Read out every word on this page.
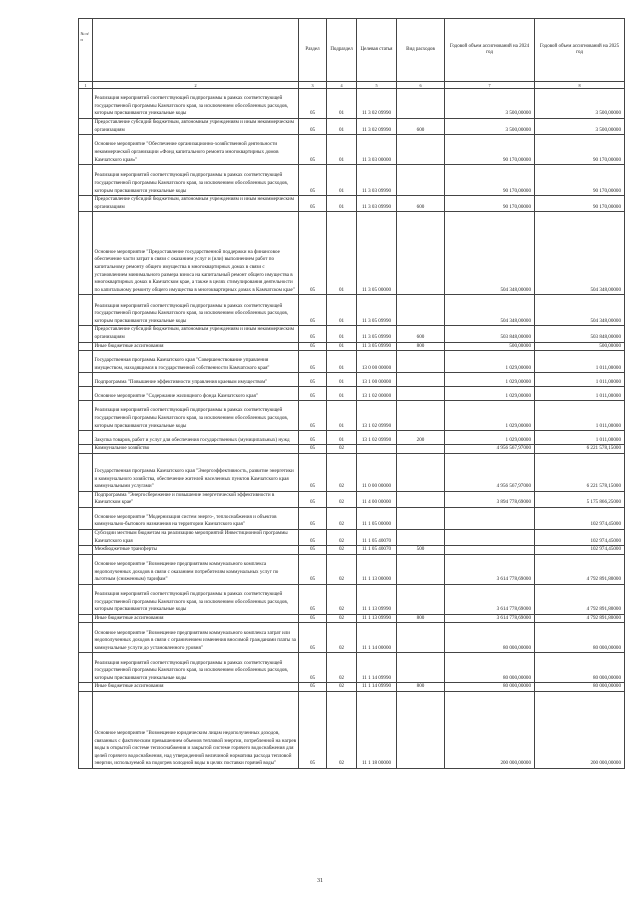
№ п/п		Раздел	Подраздел	Целевая статья	Вид расходов	Годовой объем ассигнований на 2024 год	Годовой объем ассигнований на 2025 год
1	2	3	4	5	6	7	8
	Реализация мероприятий соответствующей подпрограммы в рамках соответствующей государственной программы Камчатского края, за исключением обособленных расходов, которым присваиваются уникальные коды	05	01	11 3 02 09990		3 500,00000	3 500,00000
	Предоставление субсидий бюджетным, автономным учреждениям и иным некоммерческим организациям	05	01	11 3 02 09990	600	3 500,00000	3 500,00000
	Основное мероприятие "Обеспечение организационно-хозяйственной деятельности некоммерческой организации «Фонд капитального ремонта многоквартирных домов Камчатского края»"	05	01	11 3 03 00000		90 170,00000	90 170,00000
	Реализация мероприятий соответствующей подпрограммы в рамках соответствующей государственной программы Камчатского края, за исключением обособленных расходов, которым присваиваются уникальные коды	05	01	11 3 03 09990		90 170,00000	90 170,00000
	Предоставление субсидий бюджетным, автономным учреждениям и иным некоммерческим организациям	05	01	11 3 03 09990	600	90 170,00000	90 170,00000
	Основное мероприятие "Предоставление государственной поддержки на финансовое обеспечение части затрат в связи с оказанием услуг и (или) выполнением работ по капитальному ремонту общего имущества в многоквартирных домах в связи с установлением минимального размера взноса на капитальный ремонт общего имущества в многоквартирных домах в Камчатском крае, а также в целях стимулирования деятельности по капитальному ремонту общего имущества в многоквартирных домах в Камчатском крае"	05	01	11 3 05 00000		504 348,00000	504 348,00000
	Реализация мероприятий соответствующей подпрограммы в рамках соответствующей государственной программы Камчатского края, за исключением обособленных расходов, которым присваиваются уникальные коды	05	01	11 3 05 09990		504 348,00000	504 348,00000
	Предоставление субсидий бюджетным, автономным учреждениям и иным некоммерческим организациям	05	01	11 3 05 09990	600	503 848,00000	503 848,00000
	Иные бюджетные ассигнования	05	01	11 3 05 09990	800	500,00000	500,00000
	Государственная программа Камчатского края "Совершенствование управления имуществом, находящимся в государственной собственности Камчатского края"	05	01	13 0 00 00000		1 029,00000	1 011,00000
	Подпрограмма "Повышение эффективности управления краевым имуществом"	05	01	13 1 00 00000		1 029,00000	1 011,00000
	Основное мероприятие "Содержание жилищного фонда Камчатского края"	05	01	13 1 02 00000		1 029,00000	1 011,00000
	Реализация мероприятий соответствующей подпрограммы в рамках соответствующей государственной программы Камчатского края, за исключением обособленных расходов, которым присваиваются уникальные коды	05	01	13 1 02 09990		1 029,00000	1 011,00000
	Закупка товаров, работ и услуг для обеспечения государственных (муниципальных) нужд	05	01	13 1 02 09990	200	1 029,00000	1 011,00000
	Коммунальное хозяйство	05	02			4 956 567,97000	6 221 578,15000
	Государственная программа Камчатского края "Энергоэффективность, развитие энергетики и коммунального хозяйства, обеспечение жителей населенных пунктов Камчатского края коммунальными услугами"	05	02	11 0 00 00000		4 956 567,97000	6 221 578,15000
	Подпрограмма "Энергосбережение и повышение энергетической эффективности в Камчатском крае"	05	02	11 4 00 00000		3 894 778,69000	5 175 866,25000
	Основное мероприятие "Модернизация систем энерго-, теплоснабжения и объектов коммунально-бытового назначения на территории Камчатского края"	05	02	11 1 05 00000			102 974,45000
	Субсидии местным бюджетам на реализацию мероприятий Инвестиционной программы Камчатского края	05	02	11 1 05 40070			102 974,45000
	Межбюджетные трансферты	05	02	11 1 05 40070	500		102 974,45000
	Основное мероприятие "Возмещение предприятиям коммунального комплекса недополученных доходов в связи с оказанием потребителям коммунальных услуг по льготным (сниженным) тарифам"	05	02	11 1 13 00000		3 614 778,69000	4 792 891,80000
	Реализация мероприятий соответствующей подпрограммы в рамках соответствующей государственной программы Камчатского края, за исключением обособленных расходов, которым присваиваются уникальные коды	05	02	11 1 13 09990		3 614 778,69000	4 792 891,80000
	Иные бюджетные ассигнования	05	02	11 1 13 09990	800	3 614 778,69000	4 792 891,80000
	Основное мероприятие "Возмещение предприятиям коммунального комплекса затрат или недополученных доходов в связи с ограничением изменения вносимой гражданами платы за коммунальные услуги до установленного уровня"	05	02	11 1 14 00000		80 000,00000	80 000,00000
	Реализация мероприятий соответствующей подпрограммы в рамках соответствующей государственной программы Камчатского края, за исключением обособленных расходов, которым присваиваются уникальные коды	05	02	11 1 14 09990		80 000,00000	80 000,00000
	Иные бюджетные ассигнования	05	02	11 1 14 09990	800	80 000,00000	80 000,00000
	Основное мероприятие "Возмещение юридическим лицам недополученных доходов, связанных с фактическим превышением объемов тепловой энергии, потребленной на нагрев воды в открытой системе теплоснабжения и закрытой системе горячего водоснабжения для целей горячего водоснабжения, над утвержденной величиной норматива расхода тепловой энергии, используемой на подогрев холодной воды в целях поставки горячей воды"	05	02	11 1 18 00000		200 000,00000	200 000,00000
31
